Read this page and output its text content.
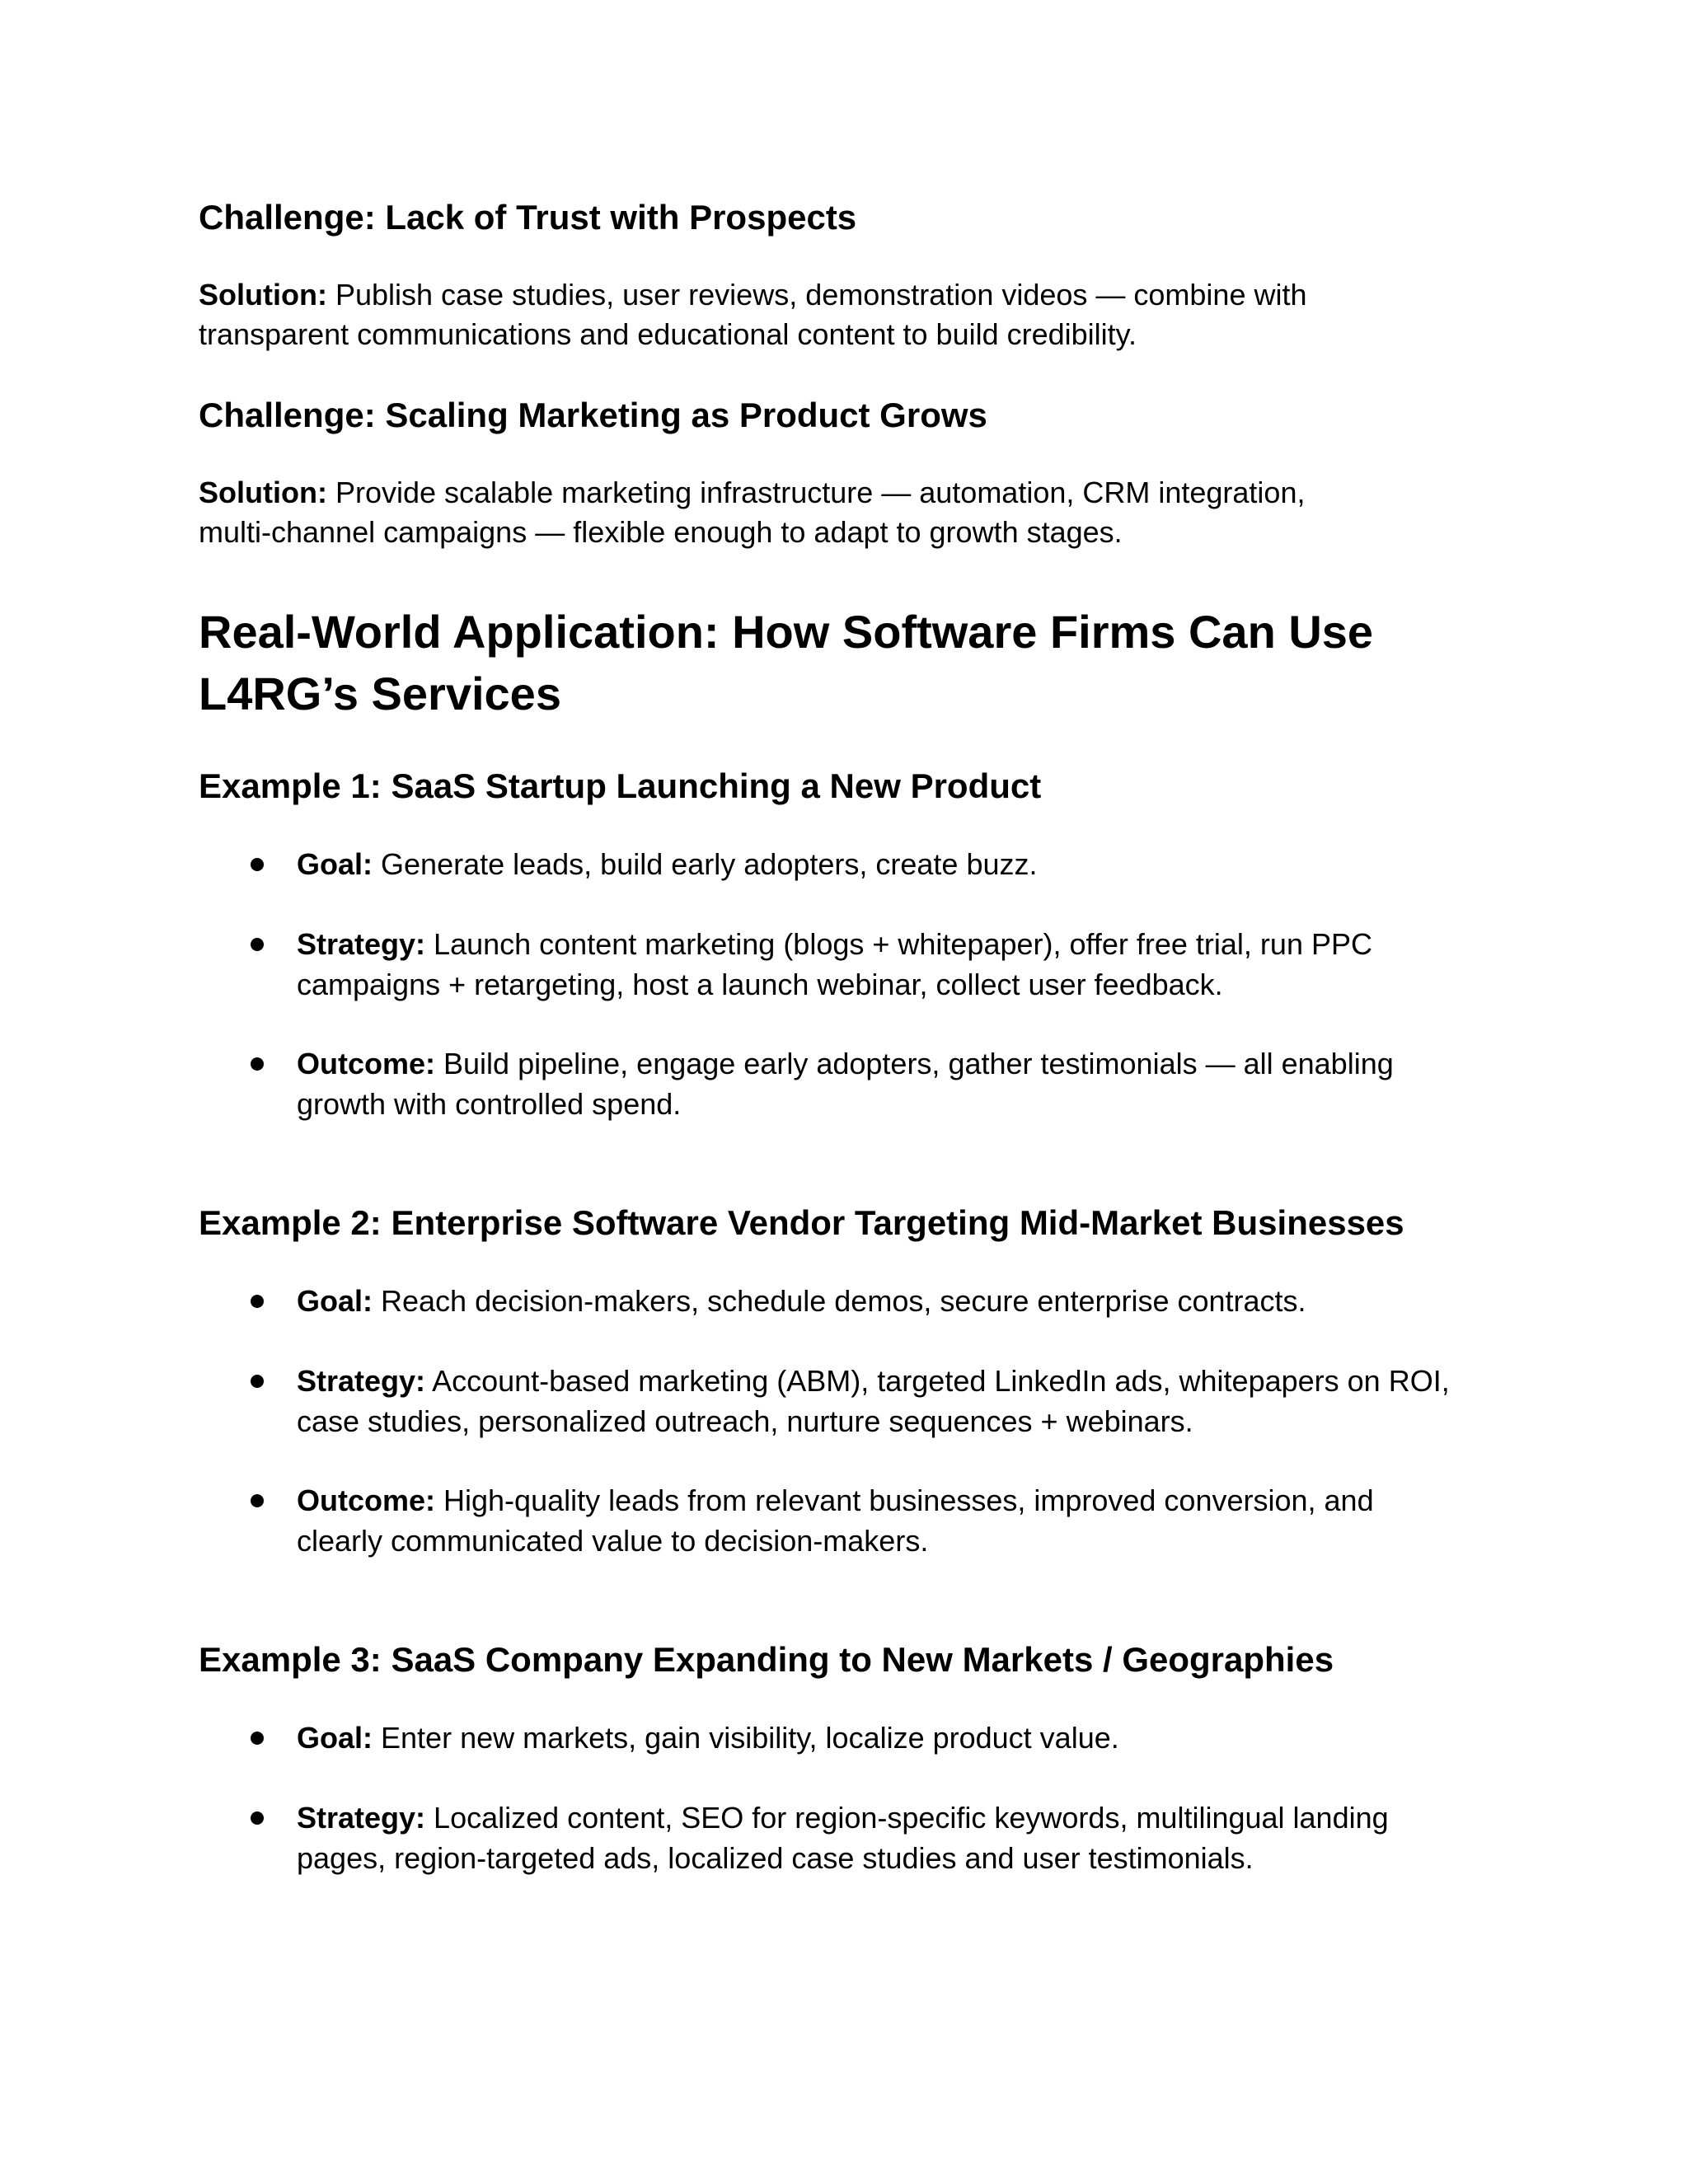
Challenge: Lack of Trust with Prospects

Solution: Publish case studies, user reviews, demonstration videos — combine with

transparent communications and educational content to build credibility.

Challenge: Scaling Marketing as Product Grows

Solution: Provide scalable marketing infrastructure — automation, CRM integration,

multi-channel campaigns — flexible enough to adapt to growth stages.

Real-World Application: How Software Firms Can Use
L4RG’s Services
Example 1: SaaS Startup Launching a New Product
Goal: Generate leads, build early adopters, create buzz.
Strategy: Launch content marketing (blogs + whitepaper), offer free trial, run PPC
campaigns + retargeting, host a launch webinar, collect user feedback.
Outcome: Build pipeline, engage early adopters, gather testimonials — all enabling
growth with controlled spend.
Example 2: Enterprise Software Vendor Targeting Mid‑Market Businesses
Goal: Reach decision‑makers, schedule demos, secure enterprise contracts.
Strategy: Account‑based marketing (ABM), targeted LinkedIn ads, whitepapers on ROI,
case studies, personalized outreach, nurture sequences + webinars.
Outcome: High-quality leads from relevant businesses, improved conversion, and
clearly communicated value to decision‑makers.
Example 3: SaaS Company Expanding to New Markets / Geographies
Goal: Enter new markets, gain visibility, localize product value.
Strategy: Localized content, SEO for region‑specific keywords, multilingual landing
pages, region-targeted ads, localized case studies and user testimonials.
